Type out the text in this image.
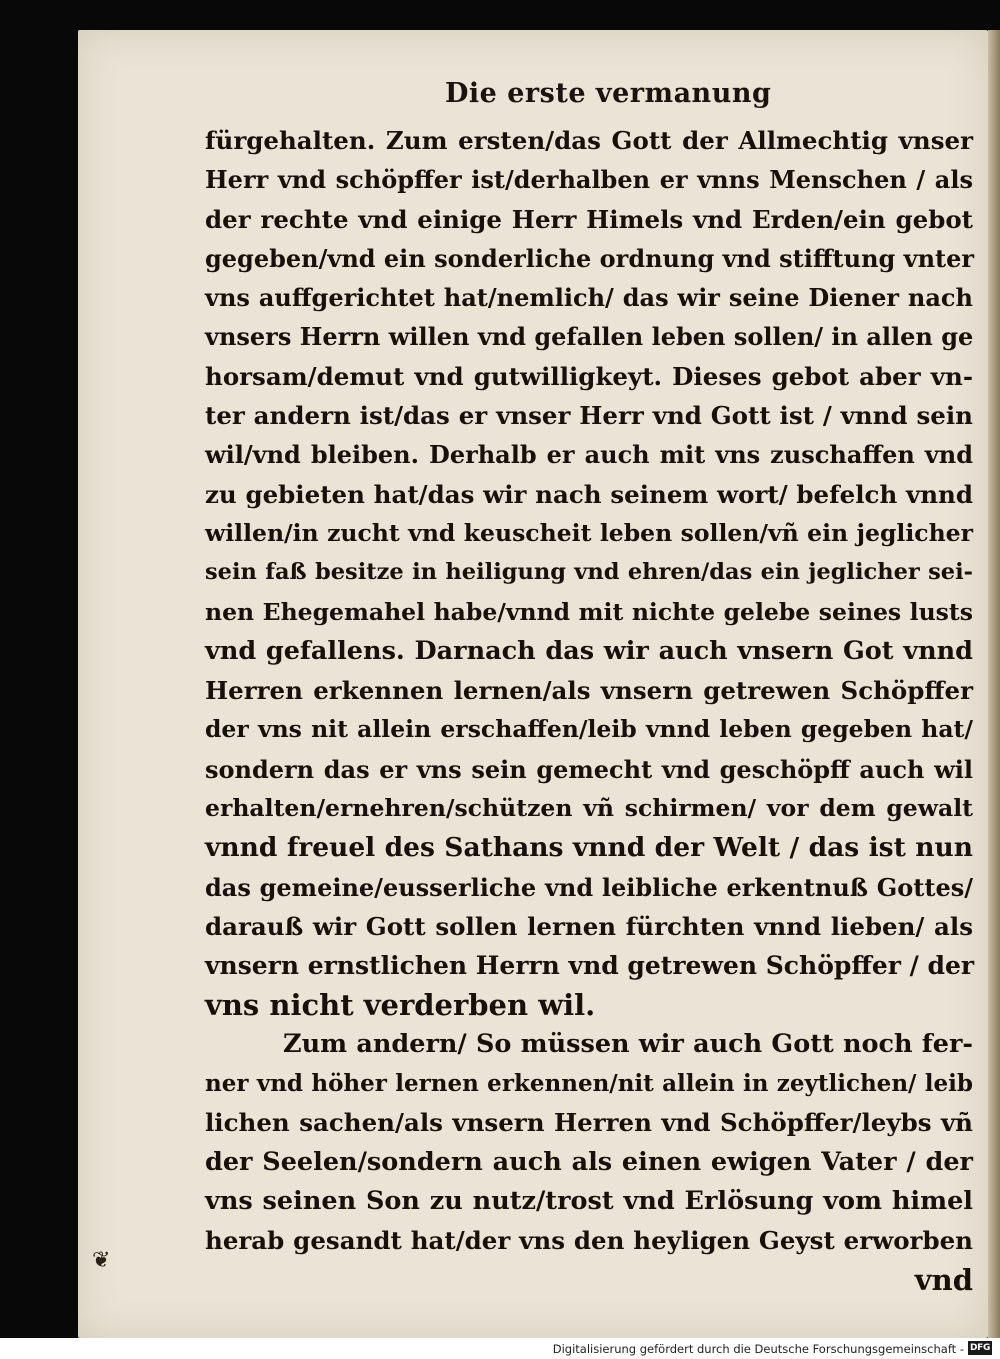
Die erste vermanung
fürgehalten. Zum ersten/das Gott der Allmechtig vnser
Herr vnd schöpffer ist/derhalben er vnns Menschen / als
der rechte vnd einige Herr Himels vnd Erden/ein gebot
gegeben/vnd ein sonderliche ordnung vnd stifftung vnter
vns auffgerichtet hat/nemlich/ das wir seine Diener nach
vnsers Herrn willen vnd gefallen leben sollen/ in allen ge
horsam/demut vnd gutwilligkeyt. Dieses gebot aber vn-
ter andern ist/das er vnser Herr vnd Gott ist / vnnd sein
wil/vnd bleiben. Derhalb er auch mit vns zuschaffen vnd
zu gebieten hat/das wir nach seinem wort/ befelch vnnd
willen/in zucht vnd keuscheit leben sollen/vñ ein jeglicher
sein faß besitze in heiligung vnd ehren/das ein jeglicher sei-
nen Ehegemahel habe/vnnd mit nichte gelebe seines lusts
vnd gefallens. Darnach das wir auch vnsern Got vnnd
Herren erkennen lernen/als vnsern getrewen Schöpffer
der vns nit allein erschaffen/leib vnnd leben gegeben hat/
sondern das er vns sein gemecht vnd geschöpff auch wil
erhalten/ernehren/schützen vñ schirmen/ vor dem gewalt
vnnd freuel des Sathans vnnd der Welt / das ist nun
das gemeine/eusserliche vnd leibliche erkentnuß Gottes/
darauß wir Gott sollen lernen fürchten vnnd lieben/ als
vnsern ernstlichen Herrn vnd getrewen Schöpffer / der
vns nicht verderben wil.
Zum andern/ So müssen wir auch Gott noch fer-
ner vnd höher lernen erkennen/nit allein in zeytlichen/ leib
lichen sachen/als vnsern Herren vnd Schöpffer/leybs vñ
der Seelen/sondern auch als einen ewigen Vater / der
vns seinen Son zu nutz/trost vnd Erlösung vom himel
herab gesandt hat/der vns den heyligen Geyst erworben
vnd
❦
Digitalisierung gefördert durch die Deutsche Forschungsgemeinschaft - DFG
